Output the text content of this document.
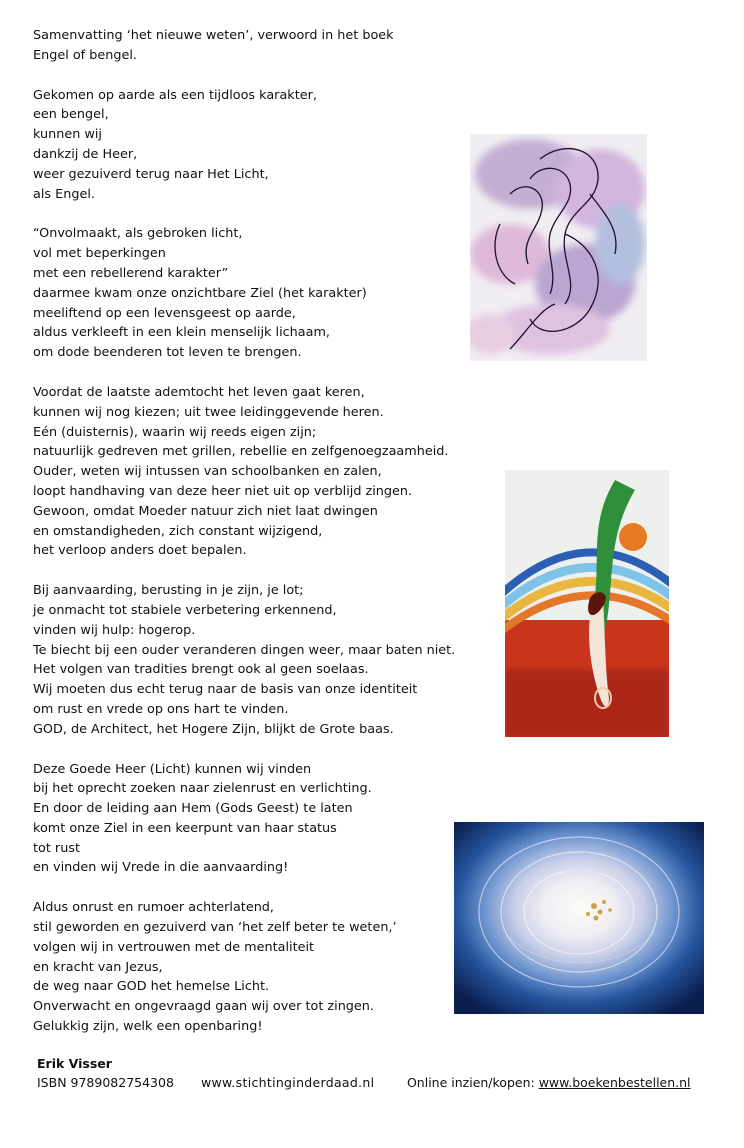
Samenvatting ‘het nieuwe weten’, verwoord in het boek
Engel of bengel.
Gekomen op aarde als een tijdloos karakter,
een bengel,
kunnen wij
dankzij de Heer,
weer gezuiverd terug naar Het Licht,
als Engel.
“Onvolmaakt, als gebroken licht,
vol met beperkingen
met een rebellerend karakter”
daarmee kwam onze onzichtbare Ziel (het karakter)
meeliftend op een levensgeest op aarde,
aldus verkleeft in een klein menselijk lichaam,
om dode beenderen tot leven te brengen.
Voordat de laatste ademtocht het leven gaat keren,
kunnen wij nog kiezen; uit twee leidinggevende heren.
Eén (duisternis), waarin wij reeds eigen zijn;
natuurlijk gedreven met grillen, rebellie en zelfgenoegzaamheid.
Ouder, weten wij intussen van schoolbanken en zalen,
loopt handhaving van deze heer niet uit op verblijd zingen.
Gewoon, omdat Moeder natuur zich niet laat dwingen
en omstandigheden, zich constant wijzigend,
het verloop anders doet bepalen.
Bij aanvaarding, berusting in je zijn, je lot;
je onmacht tot stabiele verbetering erkennend,
vinden wij hulp: hogerop.
Te biecht bij een ouder veranderen dingen weer, maar baten niet.
Het volgen van tradities brengt ook al geen soelaas.
Wij moeten dus echt terug naar de basis van onze identiteit
om rust en vrede op ons hart te vinden.
GOD, de Architect, het Hogere Zijn, blijkt de Grote baas.
Deze Goede Heer (Licht) kunnen wij vinden
bij het oprecht zoeken naar zielenrust en verlichting.
En door de leiding aan Hem (Gods Geest) te laten
komt onze Ziel in een keerpunt van haar status
tot rust
en vinden wij Vrede in die aanvaarding!
Aldus onrust en rumoer achterlatend,
stil geworden en gezuiverd van ‘het zelf beter te weten,’
volgen wij in vertrouwen met de mentaliteit
en kracht van Jezus,
de weg naar GOD het hemelse Licht.
Onverwacht en ongevraagd gaan wij over tot zingen.
Gelukkig zijn, welk een openbaring!
Erik Visser
ISBN 9789082754308 www.stichtinginderdaad.nl	Online inzien/kopen: www.boekenbestellen.nl
